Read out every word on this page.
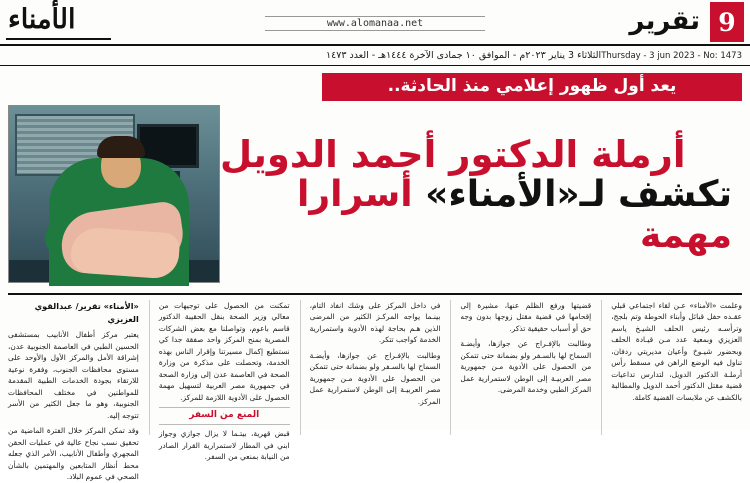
9
تقرير
www.alomanaa.net
الأمناء
Thursday - 3 jun 2023 - No: 1473
الثلاثاء 3 يناير ٢٠٢٣م - الموافق ١٠ جمادى الآخرة ١٤٤٤هـ - العدد ١٤٧٣
يعد أول ظهور إعلامي منذ الحادثة..
أرملة الدكتور أحمد الدويل
تكشف لـ«الأمناء» أسرارا مهمة

وعلمت «الأمناء» عـن لقاء اجتماعي قبلي عقـده حفل قبائل وأبناء الحوطة وتم بلجج، وترأسـه رئيس الحلف الشيـخ ياسم العزيزي وبمعية عدد مـن قيـادة الحلف وبحضور شيـوخ وأعيان مديريتي ردفان، تناول فيه الوضع الراهن في مسقط رأس أرملـة الدكتور الدويل، لتدارس تداعيات قضية مقتل الدكتور أحمد الدويل والمطالبة بالكشف عن ملابسات القضية كاملة.

قضيتها ورفع الظلم عنها، مشيرة إلى إقحامها في قضية مقتل زوجها بدون وجه حق أو أسباب حقيقية تذكر.

وطالبت بالإفـراج عن جوازها، وأيضـة السماح لها بالسـفر ولو بضمانة حتى تتمكن من الحصول على الأدوية مـن جمهورية مصر العربيـة إلى الوطن لاستمرارية عمل المركز الطبي وخدمة المرضى.

في داخل المركز على وشك انفاد التام، بينـما يواجه المركـز الكثير من المرضى الذين هـم بحاجة لهذه الأدوية واستمرارية الخدمة كواجب تتكر.

وطالبت بالإفـراج عن جوازها، وأيضـة السماح لها بالسـفر ولو بضمانة حتى تتمكن من الحصول على الأدوية مـن جمهورية مصر العربيـة إلى الوطن لاستمرارية عمل المركز.

تمكنت من الحصول على توجيهات من معالي وزير الصحة بنقل الحقيبة الدكتور قاسم باعوم، وتواصلنا مع بعض الشركات المصرية بمنح المركز واحد صفقة جدا كي نستطيع إكمال مسيرتنا وإقرار الناس بهذه الخدمة، وتحصلت على مذكرة من وزارة الصحة في العاصمة عدن إلى وزارة الصحة في جمهورية مصر العربية لتسهيل مهمة الحصول على الأدوية اللازمة للمركز.

المنع من السفر

قبض قهرية، بيتـما لا يزال جوازي وجواز ابني في المطار لاستمرارية القرار الصادر من النيابة بمنعي من السفر.

«الأمناء» تقرير/ عبدالقوي العزيزي

يعتبر مركز أطفال الأنابيب بمستشفى الحسين الطبي في العاصمة الجنوبية عدن، إشراقة الأمل والمركز الأول والأوحد على مستوى محافظات الجنوب، وفقرة نوعية للارتقاء بجودة الخدمات الطبية المقدمة للمواطنين في مختلف المحافظات الجنوبية، وهو ما جعل الكثير من الأسر تتوجه إليه.

وقد تمكن المركز خلال الفترة الماضية من تحقيق نسب نجاح عالية في عمليات الحقن المجهري وأطفال الأنابيب، الأمر الذي جعله محط أنظار المتابعين والمهتمين بالشأن الصحي في عموم البلاد.
